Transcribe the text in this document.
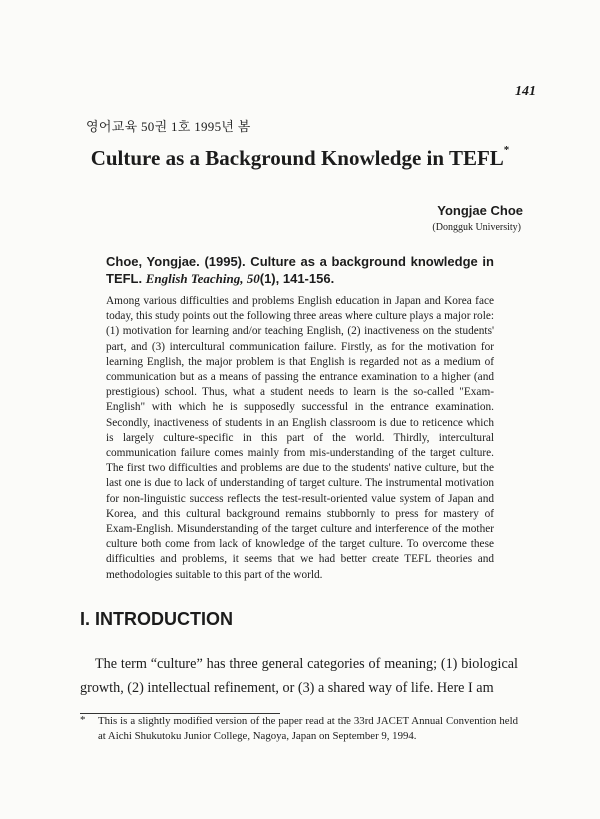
141
영어교육 50권 1호 1995년 봄
Culture as a Background Knowledge in TEFL*
Yongjae Choe
(Dongguk University)
Choe, Yongjae. (1995). Culture as a background knowledge in TEFL. English Teaching, 50(1), 141-156.
Among various difficulties and problems English education in Japan and Korea face today, this study points out the following three areas where culture plays a major role: (1) motivation for learning and/or teaching English, (2) inactiveness on the students' part, and (3) intercultural communication failure. Firstly, as for the motivation for learning English, the major problem is that English is regarded not as a medium of communication but as a means of passing the entrance examination to a higher (and prestigious) school. Thus, what a student needs to learn is the so-called "Exam-English" with which he is supposedly successful in the entrance examination. Secondly, inactiveness of students in an English classroom is due to reticence which is largely culture-specific in this part of the world. Thirdly, intercultural communication failure comes mainly from mis-understanding of the target culture. The first two difficulties and problems are due to the students' native culture, but the last one is due to lack of understanding of target culture. The instrumental motivation for non-linguistic success reflects the test-result-oriented value system of Japan and Korea, and this cultural background remains stubbornly to press for mastery of Exam-English. Misunderstanding of the target culture and interference of the mother culture both come from lack of knowledge of the target culture. To overcome these difficulties and problems, it seems that we had better create TEFL theories and methodologies suitable to this part of the world.
I. INTRODUCTION
The term “culture” has three general categories of meaning; (1) biological growth, (2) intellectual refinement, or (3) a shared way of life. Here I am
* This is a slightly modified version of the paper read at the 33rd JACET Annual Convention held at Aichi Shukutoku Junior College, Nagoya, Japan on September 9, 1994.
